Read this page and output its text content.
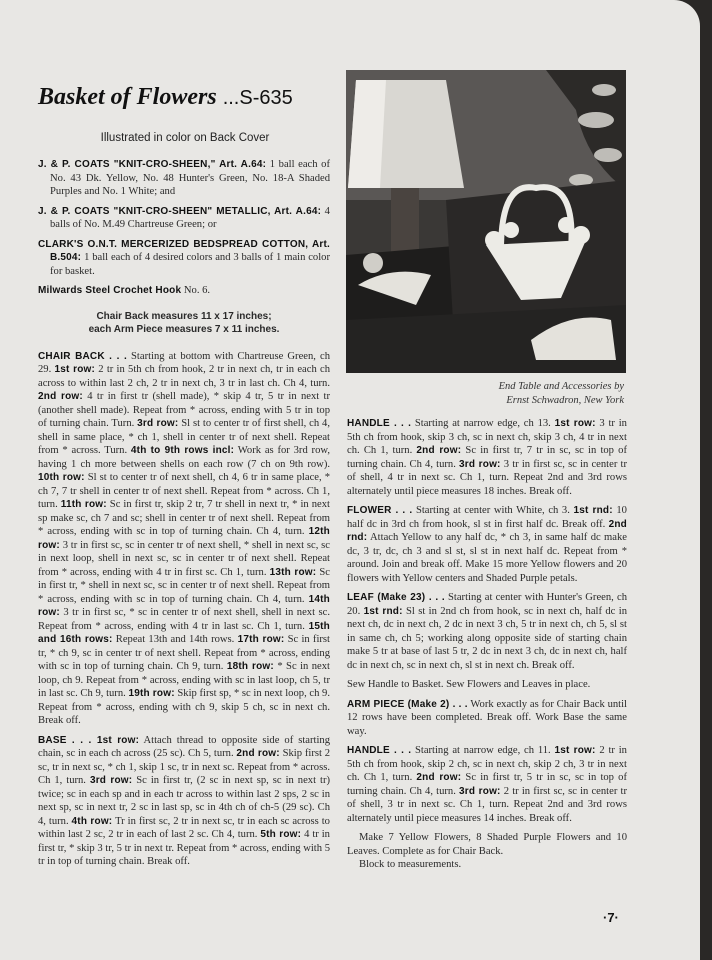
Basket of Flowers ...S-635
Illustrated in color on Back Cover

J. & P. COATS "KNIT-CRO-SHEEN," Art. A.64: 1 ball each of No. 43 Dk. Yellow, No. 48 Hunter's Green, No. 18-A Shaded Purples and No. 1 White; and

J. & P. COATS "KNIT-CRO-SHEEN" METALLIC, Art. A.64: 4 balls of No. M.49 Chartreuse Green; or

CLARK'S O.N.T. MERCERIZED BEDSPREAD COTTON, Art. B.504: 1 ball each of 4 desired colors and 3 balls of 1 main color for basket.

Milwards Steel Crochet Hook No. 6.

Chair Back measures 11 x 17 inches;
each Arm Piece measures 7 x 11 inches.

CHAIR BACK . . . Starting at bottom with Chartreuse Green, ch 29. 1st row: 2 tr in 5th ch from hook, 2 tr in next ch, tr in each ch across to within last 2 ch, 2 tr in next ch, 3 tr in last ch. Ch 4, turn. 2nd row: 4 tr in first tr (shell made), * skip 4 tr, 5 tr in next tr (another shell made). Repeat from * across, ending with 5 tr in top of turning chain. Turn. 3rd row: Sl st to center tr of first shell, ch 4, shell in same place, * ch 1, shell in center tr of next shell. Repeat from * across. Turn. 4th to 9th rows incl: Work as for 3rd row, having 1 ch more between shells on each row (7 ch on 9th row). 10th row: Sl st to center tr of next shell, ch 4, 6 tr in same place, * ch 7, 7 tr shell in center tr of next shell. Repeat from * across. Ch 1, turn. 11th row: Sc in first tr, skip 2 tr, 7 tr shell in next tr, * in next sp make sc, ch 7 and sc; shell in center tr of next shell. Repeat from * across, ending with sc in top of turning chain. Ch 4, turn. 12th row: 3 tr in first sc, sc in center tr of next shell, * shell in next sc, sc in next loop, shell in next sc, sc in center tr of next shell. Repeat from * across, ending with 4 tr in first sc. Ch 1, turn. 13th row: Sc in first tr, * shell in next sc, sc in center tr of next shell. Repeat from * across, ending with sc in top of turning chain. Ch 4, turn. 14th row: 3 tr in first sc, * sc in center tr of next shell, shell in next sc. Repeat from * across, ending with 4 tr in last sc. Ch 1, turn. 15th and 16th rows: Repeat 13th and 14th rows. 17th row: Sc in first tr, * ch 9, sc in center tr of next shell. Repeat from * across, ending with sc in top of turning chain. Ch 9, turn. 18th row: * Sc in next loop, ch 9. Repeat from * across, ending with sc in last loop, ch 5, tr in last sc. Ch 9, turn. 19th row: Skip first sp, * sc in next loop, ch 9. Repeat from * across, ending with ch 9, skip 5 ch, sc in next ch. Break off.

BASE . . . 1st row: Attach thread to opposite side of starting chain, sc in each ch across (25 sc). Ch 5, turn. 2nd row: Skip first 2 sc, tr in next sc, * ch 1, skip 1 sc, tr in next sc. Repeat from * across. Ch 1, turn. 3rd row: Sc in first tr, (2 sc in next sp, sc in next tr) twice; sc in each sp and in each tr across to within last 2 sps, 2 sc in next sp, sc in next tr, 2 sc in last sp, sc in 4th ch of ch-5 (29 sc). Ch 4, turn. 4th row: Tr in first sc, 2 tr in next sc, tr in each sc across to within last 2 sc, 2 tr in each of last 2 sc. Ch 4, turn. 5th row: 4 tr in first tr, * skip 3 tr, 5 tr in next tr. Repeat from * across, ending with 5 tr in top of turning chain. Break off.

End Table and Accessories by
Ernst Schwadron, New York

HANDLE . . . Starting at narrow edge, ch 13. 1st row: 3 tr in 5th ch from hook, skip 3 ch, sc in next ch, skip 3 ch, 4 tr in next ch. Ch 1, turn. 2nd row: Sc in first tr, 7 tr in sc, sc in top of turning chain. Ch 4, turn. 3rd row: 3 tr in first sc, sc in center tr of shell, 4 tr in next sc. Ch 1, turn. Repeat 2nd and 3rd rows alternately until piece measures 18 inches. Break off.

FLOWER . . . Starting at center with White, ch 3. 1st rnd: 10 half dc in 3rd ch from hook, sl st in first half dc. Break off. 2nd rnd: Attach Yellow to any half dc, * ch 3, in same half dc make dc, 3 tr, dc, ch 3 and sl st, sl st in next half dc. Repeat from * around. Join and break off. Make 15 more Yellow flowers and 20 flowers with Yellow centers and Shaded Purple petals.

LEAF (Make 23) . . . Starting at center with Hunter's Green, ch 20. 1st rnd: Sl st in 2nd ch from hook, sc in next ch, half dc in next ch, dc in next ch, 2 dc in next 3 ch, 5 tr in next ch, ch 5, sl st in same ch, ch 5; working along opposite side of starting chain make 5 tr at base of last 5 tr, 2 dc in next 3 ch, dc in next ch, half dc in next ch, sc in next ch, sl st in next ch. Break off.

Sew Handle to Basket. Sew Flowers and Leaves in place.

ARM PIECE (Make 2) . . . Work exactly as for Chair Back until 12 rows have been completed. Break off. Work Base the same way.

HANDLE . . . Starting at narrow edge, ch 11. 1st row: 2 tr in 5th ch from hook, skip 2 ch, sc in next ch, skip 2 ch, 3 tr in next ch. Ch 1, turn. 2nd row: Sc in first tr, 5 tr in sc, sc in top of turning chain. Ch 4, turn. 3rd row: 2 tr in first sc, sc in center tr of shell, 3 tr in next sc. Ch 1, turn. Repeat 2nd and 3rd rows alternately until piece measures 14 inches. Break off.

Make 7 Yellow Flowers, 8 Shaded Purple Flowers and 10 Leaves. Complete as for Chair Back.

Block to measurements.

·7·
